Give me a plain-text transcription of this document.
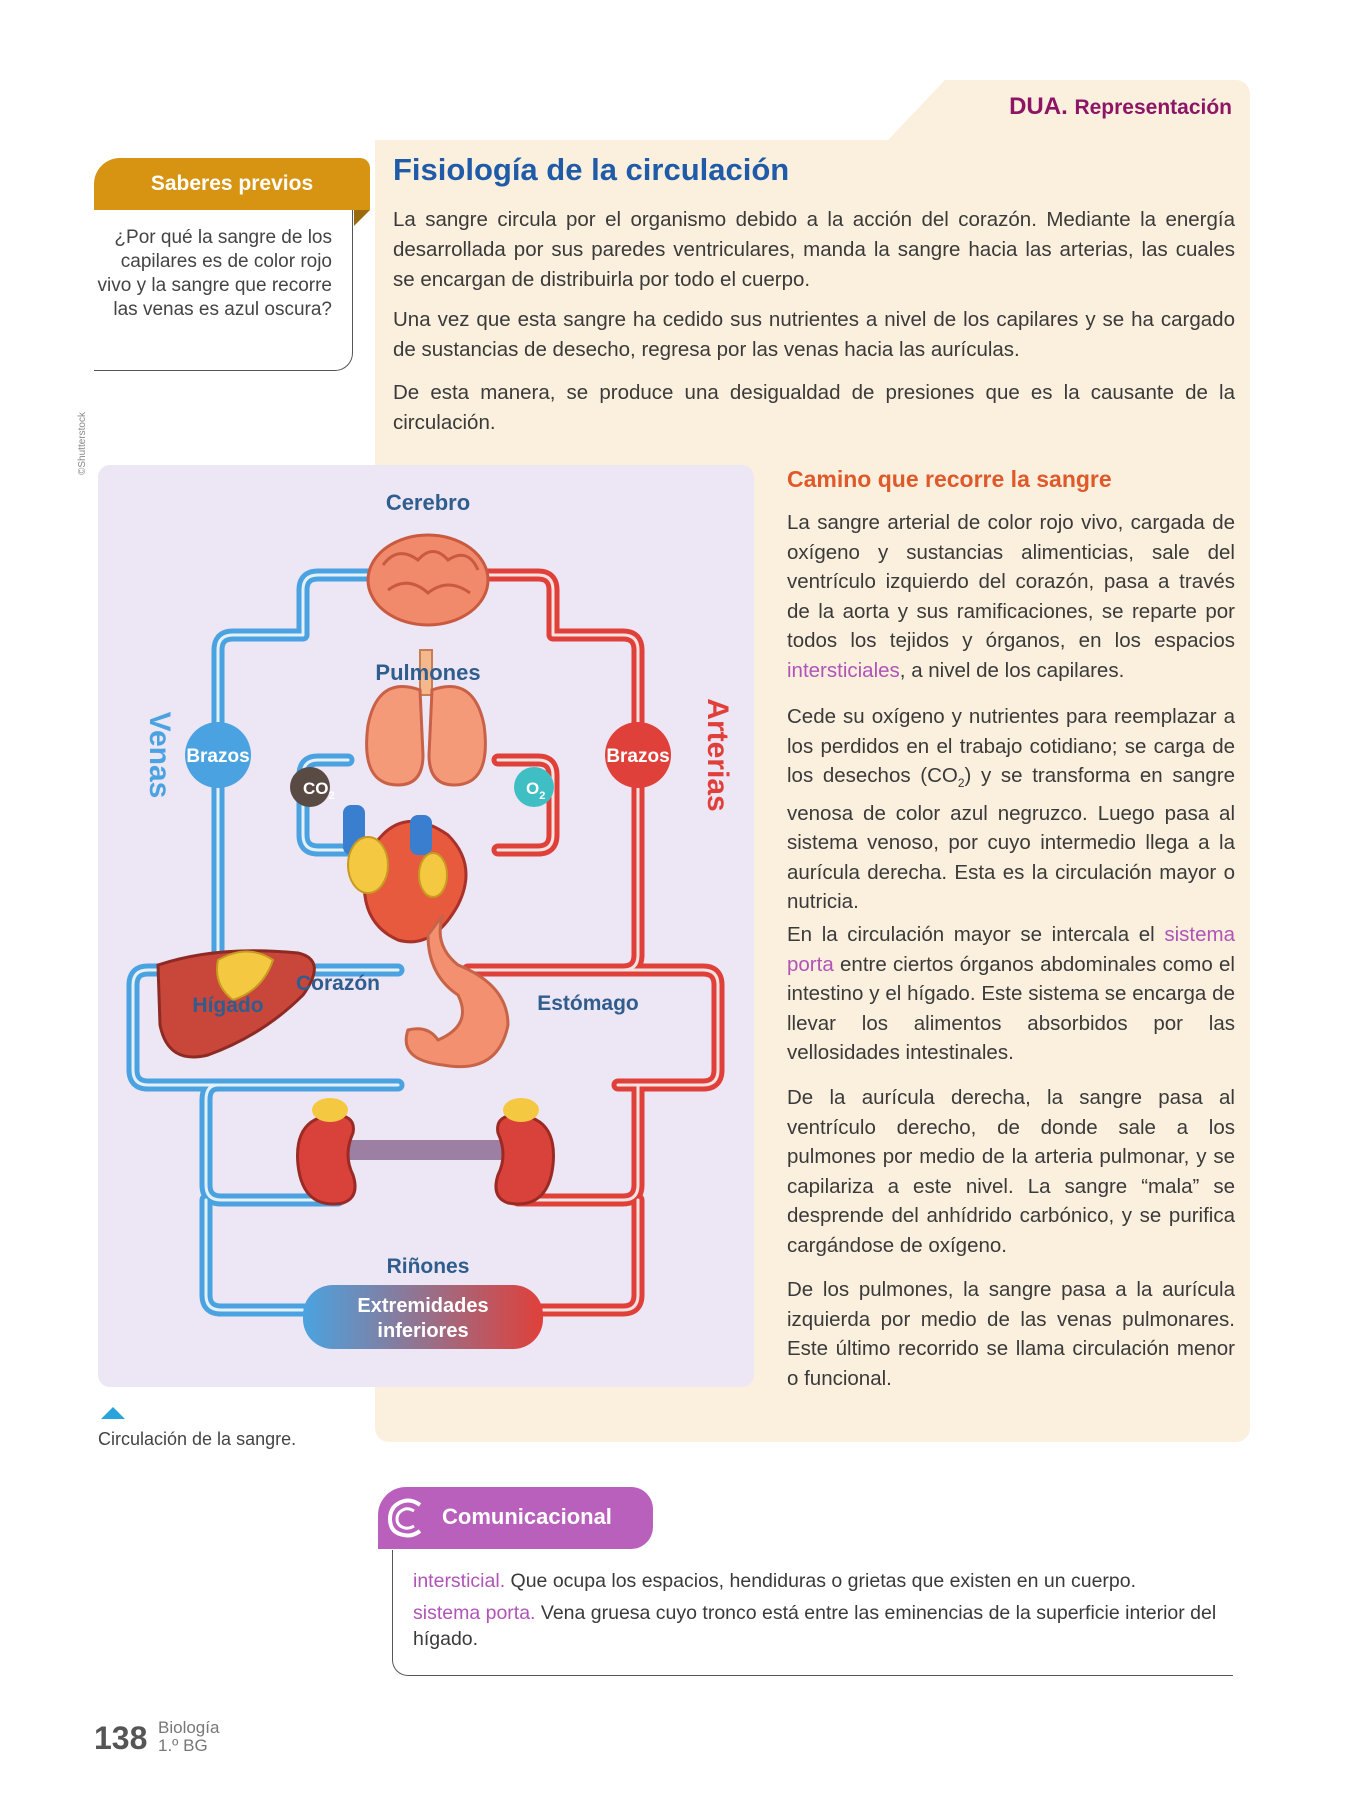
DUA. Representación
Saberes previos
¿Por qué la sangre de los capilares es de color rojo vivo y la sangre que recorre las venas es azul oscura?
Fisiología de la circulación
La sangre circula por el organismo debido a la acción del corazón. Mediante la energía desarrollada por sus paredes ventriculares, manda la sangre hacia las arterias, las cuales se encargan de distribuirla por todo el cuerpo.
Una vez que esta sangre ha cedido sus nutrientes a nivel de los capilares y se ha cargado de sustancias de desecho, regresa por las venas hacia las aurículas.
De esta manera, se produce una desigualdad de presiones que es la causante de la circulación.
©Shutterstock
Cerebro
Pulmones
Brazos	Brazos
Venas	Arterias
$CO_2$	$O_2$
Corazón
Hígado	Estómago
Riñones
Extremidades
inferiores
Circulación de la sangre.
Camino que recorre la sangre
La sangre arterial de color rojo vivo, cargada de oxígeno y sustancias alimenticias, sale del ventrículo izquierdo del corazón, pasa a través de la aorta y sus ramificaciones, se reparte por todos los tejidos y órganos, en los espacios intersticiales, a nivel de los capilares.
Cede su oxígeno y nutrientes para reemplazar a los perdidos en el trabajo cotidiano; se carga de los desechos $(CO_2)$ y se transforma en sangre venosa de color azul negruzco. Luego pasa al sistema venoso, por cuyo intermedio llega a la aurícula derecha. Esta es la circulación mayor o nutricia.
En la circulación mayor se intercala el sistema porta entre ciertos órganos abdominales como el intestino y el hígado. Este sistema se encarga de llevar los alimentos absorbidos por las vellosidades intestinales.
De la aurícula derecha, la sangre pasa al ventrículo derecho, de donde sale a los pulmones por medio de la arteria pulmonar, y se capilariza a este nivel. La sangre “mala” se desprende del anhídrido carbónico, y se purifica cargándose de oxígeno.
De los pulmones, la sangre pasa a la aurícula izquierda por medio de las venas pulmonares. Este último recorrido se llama circulación menor o funcional.
Comunicacional
intersticial. Que ocupa los espacios, hendiduras o grietas que existen en un cuerpo.
sistema porta. Vena gruesa cuyo tronco está entre las eminencias de la superficie interior del hígado.
138 Biología
1.º BG
